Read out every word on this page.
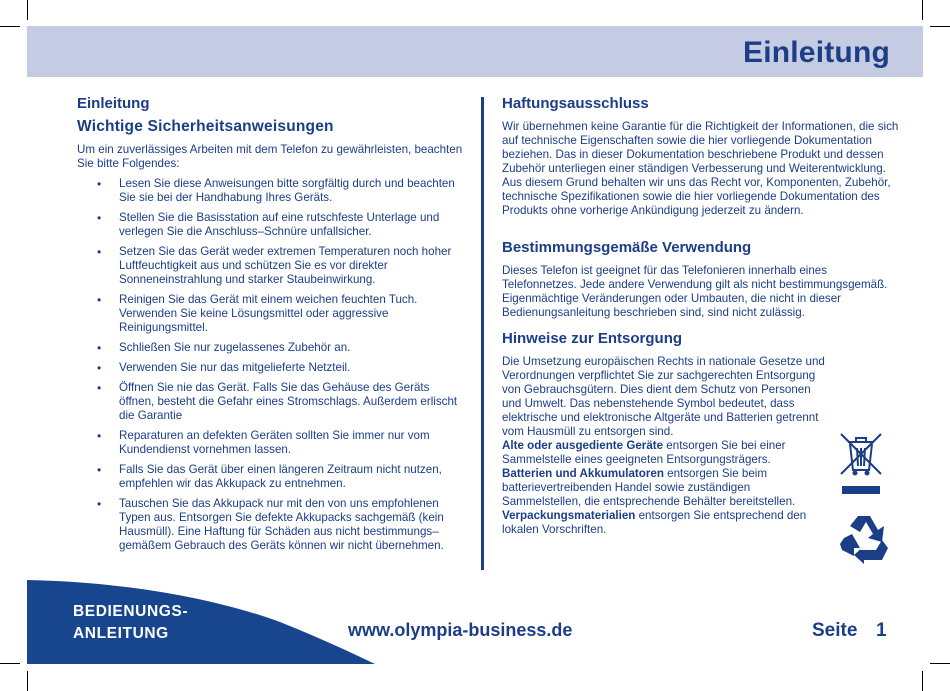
Einleitung
Einleitung
Wichtige Sicherheitsanweisungen

Um ein zuverlässiges Arbeiten mit dem Telefon zu gewährleisten, beachten Sie bitte Folgendes:

• Lesen Sie diese Anweisungen bitte sorgfältig durch und beachten Sie sie bei der Handhabung Ihres Geräts.
• Stellen Sie die Basisstation auf eine rutschfeste Unterlage und verlegen Sie die Anschluss–Schnüre unfallsicher.
• Setzen Sie das Gerät weder extremen Temperaturen noch hoher Luftfeuchtigkeit aus und schützen Sie es vor direkter Sonneneinstrahlung und starker Staubeinwirkung.
• Reinigen Sie das Gerät mit einem weichen feuchten Tuch. Verwenden Sie keine Lösungsmittel oder aggressive Reinigungsmittel.
• Schließen Sie nur zugelassenes Zubehör an.
• Verwenden Sie nur das mitgelieferte Netzteil.
• Öffnen Sie nie das Gerät. Falls Sie das Gehäuse des Geräts öffnen, besteht die Gefahr eines Stromschlags. Außerdem erlischt die Garantie
• Reparaturen an defekten Geräten sollten Sie immer nur vom Kundendienst vornehmen lassen.
• Falls Sie das Gerät über einen längeren Zeitraum nicht nutzen, empfehlen wir das Akkupack zu entnehmen.
• Tauschen Sie das Akkupack nur mit den von uns empfohlenen Typen aus. Entsorgen Sie defekte Akkupacks sachgemäß (kein Hausmüll). Eine Haftung für Schäden aus nicht bestimmungs–gemäßem Gebrauch des Geräts können wir nicht übernehmen.
Haftungsausschluss

Wir übernehmen keine Garantie für die Richtigkeit der Informationen, die sich auf technische Eigenschaften sowie die hier vorliegende Dokumentation beziehen. Das in dieser Dokumentation beschriebene Produkt und dessen Zubehör unterliegen einer ständigen Verbesserung und Weiterentwicklung. Aus diesem Grund behalten wir uns das Recht vor, Komponenten, Zubehör, technische Spezifikationen sowie die hier vorliegende Dokumentation des Produkts ohne vorherige Ankündigung jederzeit zu ändern.

Bestimmungsgemäße Verwendung

Dieses Telefon ist geeignet für das Telefonieren innerhalb eines Telefonnetzes. Jede andere Verwendung gilt als nicht bestimmungsgemäß. Eigenmächtige Veränderungen oder Umbauten, die nicht in dieser Bedienungsanleitung beschrieben sind, sind nicht zulässig.

Hinweise zur Entsorgung

Die Umsetzung europäischen Rechts in nationale Gesetze und Verordnungen verpflichtet Sie zur sachgerechten Entsorgung von Gebrauchsgütern. Dies dient dem Schutz von Personen und Umwelt. Das nebenstehende Symbol bedeutet, dass elektrische und elektronische Altgeräte und Batterien getrennt vom Hausmüll zu entsorgen sind.

Alte oder ausgediente Geräte entsorgen Sie bei einer Sammelstelle eines geeigneten Entsorgungsträgers.

Batterien und Akkumulatoren entsorgen Sie beim batterievertreibenden Handel sowie zuständigen Sammelstellen, die entsprechende Behälter bereitstellen.

Verpackungsmaterialien entsorgen Sie entsprechend den lokalen Vorschriften.

BEDIENUNGS-
ANLEITUNG	www.olympia-business.de	Seite 1
